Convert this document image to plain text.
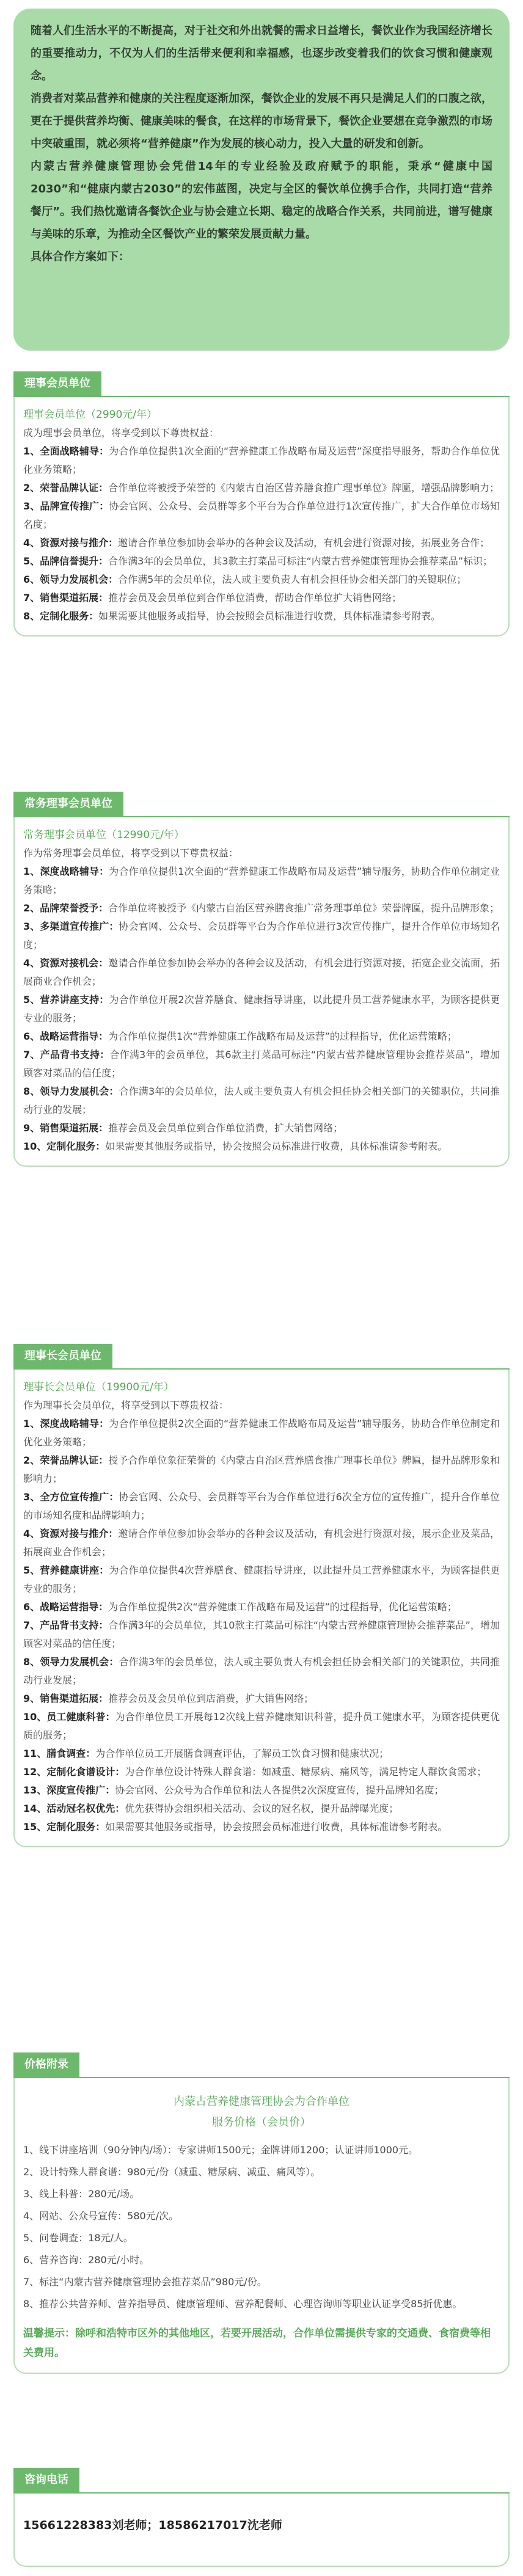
随着人们生活水平的不断提高，对于社交和外出就餐的需求日益增长，餐饮业作为我国经济增长的重要推动力，不仅为人们的生活带来便利和幸福感，也逐步改变着我们的饮食习惯和健康观念。

消费者对菜品营养和健康的关注程度逐渐加深，餐饮企业的发展不再只是满足人们的口腹之欲，更在于提供营养均衡、健康美味的餐食，在这样的市场背景下，餐饮企业要想在竞争激烈的市场中突破重围，就必须将“营养健康”作为发展的核心动力，投入大量的研发和创新。

内蒙古营养健康管理协会凭借14年的专业经验及政府赋予的职能，秉承“健康中国2030”和“健康内蒙古2030”的宏伟蓝图，决定与全区的餐饮单位携手合作，共同打造“营养餐厅”。我们热忱邀请各餐饮企业与协会建立长期、稳定的战略合作关系，共同前进，谱写健康与美味的乐章，为推动全区餐饮产业的繁荣发展贡献力量。

具体合作方案如下：

理事会员单位
理事会员单位（2990元/年）
成为理事会员单位，将享受到以下尊贵权益：
1、全面战略辅导：为合作单位提供1次全面的“营养健康工作战略布局及运营”深度指导服务，帮助合作单位优化业务策略；
2、荣誉品牌认证：合作单位将被授予荣誉的《内蒙古自治区营养膳食推广理事单位》牌匾，增强品牌影响力；
3、品牌宣传推广：协会官网、公众号、会员群等多个平台为合作单位进行1次宣传推广，扩大合作单位市场知名度；
4、资源对接与推介：邀请合作单位参加协会举办的各种会议及活动，有机会进行资源对接，拓展业务合作；
5、品牌信誉提升：合作满3年的会员单位，其3款主打菜品可标注“内蒙古营养健康管理协会推荐菜品”标识；
6、领导力发展机会：合作满5年的会员单位，法人或主要负责人有机会担任协会相关部门的关键职位；
7、销售渠道拓展：推荐会员及会员单位到合作单位消费，帮助合作单位扩大销售网络；
8、定制化服务：如果需要其他服务或指导，协会按照会员标准进行收费，具体标准请参考附表。
常务理事会员单位
常务理事会员单位（12990元/年）
作为常务理事会员单位，将享受到以下尊贵权益：
1、深度战略辅导：为合作单位提供1次全面的“营养健康工作战略布局及运营”辅导服务，协助合作单位制定业务策略；
2、品牌荣誉授予：合作单位将被授予《内蒙古自治区营养膳食推广常务理事单位》荣誉牌匾，提升品牌形象；
3、多渠道宣传推广：协会官网、公众号、会员群等平台为合作单位进行3次宣传推广，提升合作单位市场知名度；
4、资源对接机会：邀请合作单位参加协会举办的各种会议及活动，有机会进行资源对接，拓宽企业交流面，拓展商业合作机会；
5、营养讲座支持：为合作单位开展2次营养膳食、健康指导讲座，以此提升员工营养健康水平，为顾客提供更专业的服务；
6、战略运营指导：为合作单位提供1次“营养健康工作战略布局及运营”的过程指导，优化运营策略；
7、产品背书支持：合作满3年的会员单位，其6款主打菜品可标注“内蒙古营养健康管理协会推荐菜品”，增加顾客对菜品的信任度；
8、领导力发展机会：合作满3年的会员单位，法人或主要负责人有机会担任协会相关部门的关键职位，共同推动行业的发展；
9、销售渠道拓展：推荐会员及会员单位到合作单位消费，扩大销售网络；
10、定制化服务：如果需要其他服务或指导，协会按照会员标准进行收费，具体标准请参考附表。
理事长会员单位
理事长会员单位（19900元/年）
作为理事长会员单位，将享受到以下尊贵权益：
1、深度战略辅导：为合作单位提供2次全面的“营养健康工作战略布局及运营”辅导服务，协助合作单位制定和优化业务策略；
2、荣誉品牌认证：授予合作单位象征荣誉的《内蒙古自治区营养膳食推广理事长单位》牌匾，提升品牌形象和影响力；
3、全方位宣传推广：协会官网、公众号、会员群等平台为合作单位进行6次全方位的宣传推广，提升合作单位的市场知名度和品牌影响力；
4、资源对接与推介：邀请合作单位参加协会举办的各种会议及活动，有机会进行资源对接，展示企业及菜品，拓展商业合作机会；
5、营养健康讲座：为合作单位提供4次营养膳食、健康指导讲座，以此提升员工营养健康水平，为顾客提供更专业的服务；
6、战略运营指导：为合作单位提供2次“营养健康工作战略布局及运营”的过程指导，优化运营策略；
7、产品背书支持：合作满3年的会员单位，其10款主打菜品可标注“内蒙古营养健康管理协会推荐菜品”，增加顾客对菜品的信任度；
8、领导力发展机会：合作满3年的会员单位，法人或主要负责人有机会担任协会相关部门的关键职位，共同推动行业发展；
9、销售渠道拓展：推荐会员及会员单位到店消费，扩大销售网络；
10、员工健康科普：为合作单位员工开展每12次线上营养健康知识科普，提升员工健康水平，为顾客提供更优质的服务；
11、膳食调查：为合作单位员工开展膳食调查评估，了解员工饮食习惯和健康状况；
12、定制化食谱设计：为合作单位设计特殊人群食谱：如减重、糖尿病、痛风等，满足特定人群饮食需求；
13、深度宣传推广：协会官网、公众号为合作单位和法人各提供2次深度宣传，提升品牌知名度；
14、活动冠名权优先：优先获得协会组织相关活动、会议的冠名权，提升品牌曝光度；
15、定制化服务：如果需要其他服务或指导，协会按照会员标准进行收费，具体标准请参考附表。
价格附录
内蒙古营养健康管理协会为合作单位
服务价格（会员价）
1、线下讲座培训（90分钟内/场）：专家讲师1500元；金牌讲师1200；认证讲师1000元。
2、设计特殊人群食谱：980元/份（减重、糖尿病、减重、痛风等）。
3、线上科普：280元/场。
4、网站、公众号宣传：580元/次。
5、问卷调查：18元/人。
6、营养咨询：280元/小时。
7、标注“内蒙古营养健康管理协会推荐菜品”980元/份。
8、推荐公共营养师、营养指导员、健康管理师、营养配餐师、心理咨询师等职业认证享受85折优惠。
温馨提示：除呼和浩特市区外的其他地区，若要开展活动，合作单位需提供专家的交通费、食宿费等相关费用。
咨询电话
15661228383刘老师；18586217017沈老师
